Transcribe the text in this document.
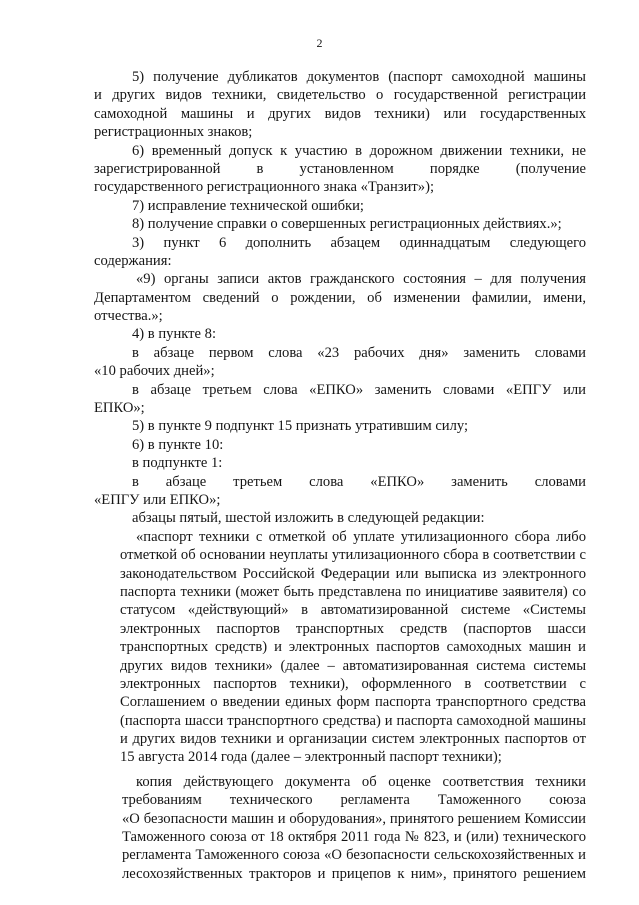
2
5) получение дубликатов документов (паспорт самоходной машины
и других видов техники, свидетельство о государственной регистрации
самоходной машины и других видов техники) или государственных
регистрационных знаков;
6) временный допуск к участию в дорожном движении техники, не
зарегистрированной в установленном порядке (получение
государственного регистрационного знака «Транзит»);
7) исправление технической ошибки;
8) получение справки о совершенных регистрационных действиях.»;
3) пункт 6 дополнить абзацем одиннадцатым следующего
содержания:
«9) органы записи актов гражданского состояния – для получения
Департаментом сведений о рождении, об изменении фамилии, имени,
отчества.»;
4) в пункте 8:
в абзаце первом слова «23 рабочих дня» заменить словами
«10 рабочих дней»;
в абзаце третьем слова «ЕПКО» заменить словами «ЕПГУ или
ЕПКО»;
5) в пункте 9 подпункт 15 признать утратившим силу;
6) в пункте 10:
в подпункте 1:
в абзаце третьем слова «ЕПКО» заменить словами
«ЕПГУ или ЕПКО»;
абзацы пятый, шестой изложить в следующей редакции:
«паспорт техники с отметкой об уплате утилизационного сбора либо
отметкой об основании неуплаты утилизационного сбора в соответствии с
законодательством Российской Федерации или выписка из электронного
паспорта техники (может быть представлена по инициативе заявителя) со
статусом «действующий» в автоматизированной системе «Системы
электронных паспортов транспортных средств (паспортов шасси
транспортных средств) и электронных паспортов самоходных машин и
других видов техники» (далее – автоматизированная система системы
электронных паспортов техники), оформленного в соответствии с
Соглашением о введении единых форм паспорта транспортного средства
(паспорта шасси транспортного средства) и паспорта самоходной машины
и других видов техники и организации систем электронных паспортов от
15 августа 2014 года (далее – электронный паспорт техники);
копия действующего документа об оценке соответствия техники
требованиям технического регламента Таможенного союза
«О безопасности машин и оборудования», принятого решением Комиссии
Таможенного союза от 18 октября 2011 года № 823, и (или) технического
регламента Таможенного союза «О безопасности сельскохозяйственных и
лесохозяйственных тракторов и прицепов к ним», принятого решением
